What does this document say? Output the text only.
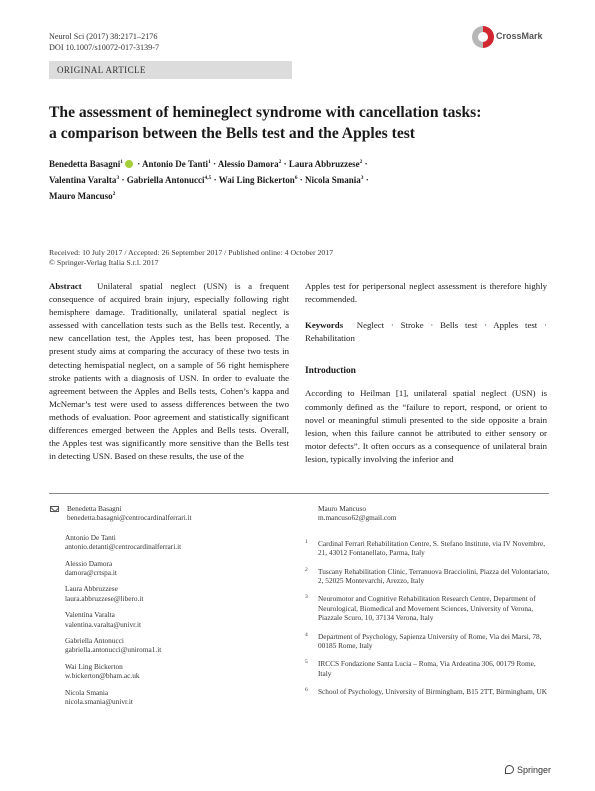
Neurol Sci (2017) 38:2171–2176
DOI 10.1007/s10072-017-3139-7
CrossMark
ORIGINAL ARTICLE
The assessment of hemineglect syndrome with cancellation tasks:
a comparison between the Bells test and the Apples test
Benedetta Basagni$^1$ · Antonio De Tanti$^1$ · Alessio Damora$^2$ · Laura Abbruzzese$^2$ ·
Valentina Varalta$^3$ · Gabriella Antonucci$^{4,5}$ · Wai Ling Bickerton$^6$ · Nicola Smania$^3$ ·
Mauro Mancuso$^2$
Received: 10 July 2017 / Accepted: 26 September 2017 / Published online: 4 October 2017
© Springer-Verlag Italia S.r.l. 2017
Abstract Unilateral spatial neglect (USN) is a frequent consequence of acquired brain injury, especially following right hemisphere damage. Traditionally, unilateral spatial neglect is assessed with cancellation tests such as the Bells test. Recently, a new cancellation test, the Apples test, has been proposed. The present study aims at comparing the accuracy of these two tests in detecting hemispatial neglect, on a sample of 56 right hemisphere stroke patients with a diagnosis of USN. In order to evaluate the agreement between the Apples and Bells tests, Cohen’s kappa and McNemar’s test were used to assess differences between the two methods of evaluation. Poor agreement and statistically significant differences emerged between the Apples and Bells tests. Overall, the Apples test was significantly more sensitive than the Bells test in detecting USN. Based on these results, the use of the

Apples test for peripersonal neglect assessment is therefore highly recommended.

Keywords Neglect · Stroke · Bells test · Apples test · Rehabilitation

Introduction

According to Heilman [1], unilateral spatial neglect (USN) is commonly defined as the “failure to report, respond, or orient to novel or meaningful stimuli presented to the side opposite a brain lesion, when this failure cannot be attributed to either sensory or motor defects”. It often occurs as a consequence of unilateral brain lesion, typically involving the inferior and

Benedetta Basagni
benedetta.basagni@centrocardinalferrari.it
Antonio De Tanti
antonio.detanti@centrocardinalferrari.it
Alessio Damora
damora@crtspa.it
Laura Abbruzzese
laura.abbruzzese@libero.it
Valentina Varalta
valentina.varalta@univr.it
Gabriella Antonucci
gabriella.antonucci@uniroma1.it
Wai Ling Bickerton
w.bickerton@bham.ac.uk
Nicola Smania
nicola.smania@univr.it
Mauro Mancuso
m.mancuso62@gmail.com
1 Cardinal Ferrari Rehabilitation Centre, S. Stefano Institute, via IV Novembre, 21, 43012 Fontanellato, Parma, Italy
2 Tuscany Rehabilitation Clinic, Terranuova Bracciolini, Piazza del Volontariato, 2, 52025 Montevarchi, Arezzo, Italy
3 Neuromotor and Cognitive Rehabilitation Research Centre, Department of Neurological, Biomedical and Movement Sciences, University of Verona, Piazzale Scuro, 10, 37134 Verona, Italy
4 Department of Psychology, Sapienza University of Rome, Via dei Marsi, 78, 00185 Rome, Italy
5 IRCCS Fondazione Santa Lucia – Roma, Via Ardeatina 306, 00179 Rome, Italy
6 School of Psychology, University of Birmingham, B15 2TT, Birmingham, UK
Springer
